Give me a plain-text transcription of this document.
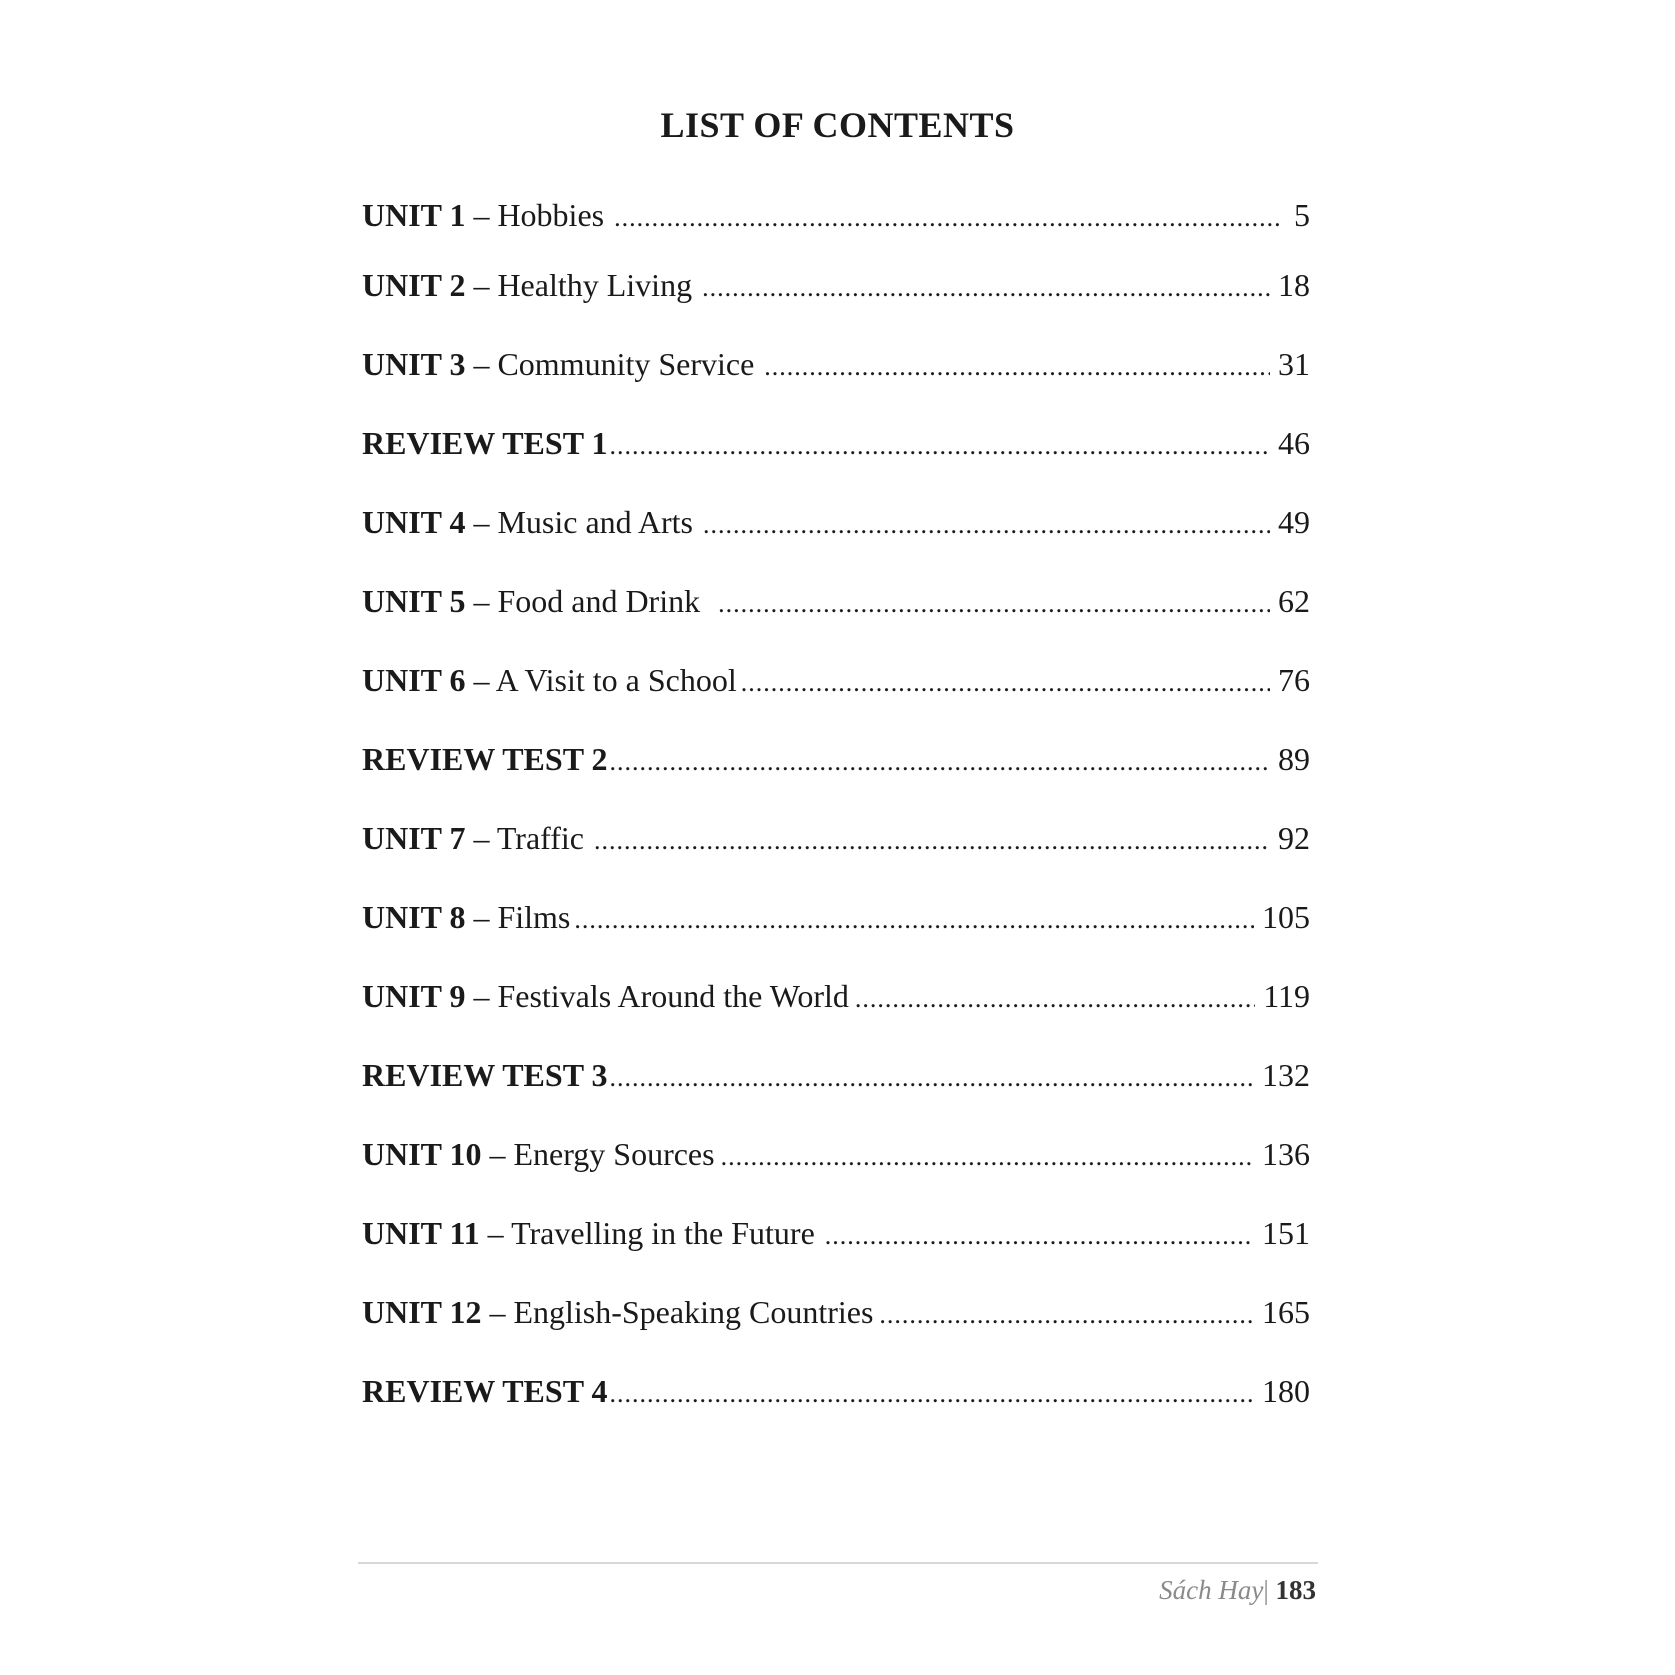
LIST OF CONTENTS
UNIT 1 – Hobbies .....	5
UNIT 2 – Healthy Living .....	18
UNIT 3 – Community Service .....	31
REVIEW TEST 1 .....	46
UNIT 4 – Music and Arts .....	49
UNIT 5 – Food and Drink .....	62
UNIT 6 – A Visit to a School .....	76
REVIEW TEST 2 .....	89
UNIT 7 – Traffic .....	92
UNIT 8 – Films .....	105
UNIT 9 – Festivals Around the World .....	119
REVIEW TEST 3 .....	132
UNIT 10 – Energy Sources .....	136
UNIT 11 – Travelling in the Future .....	151
UNIT 12 – English-Speaking Countries .....	165
REVIEW TEST 4 .....	180
Sách Hay| 183
